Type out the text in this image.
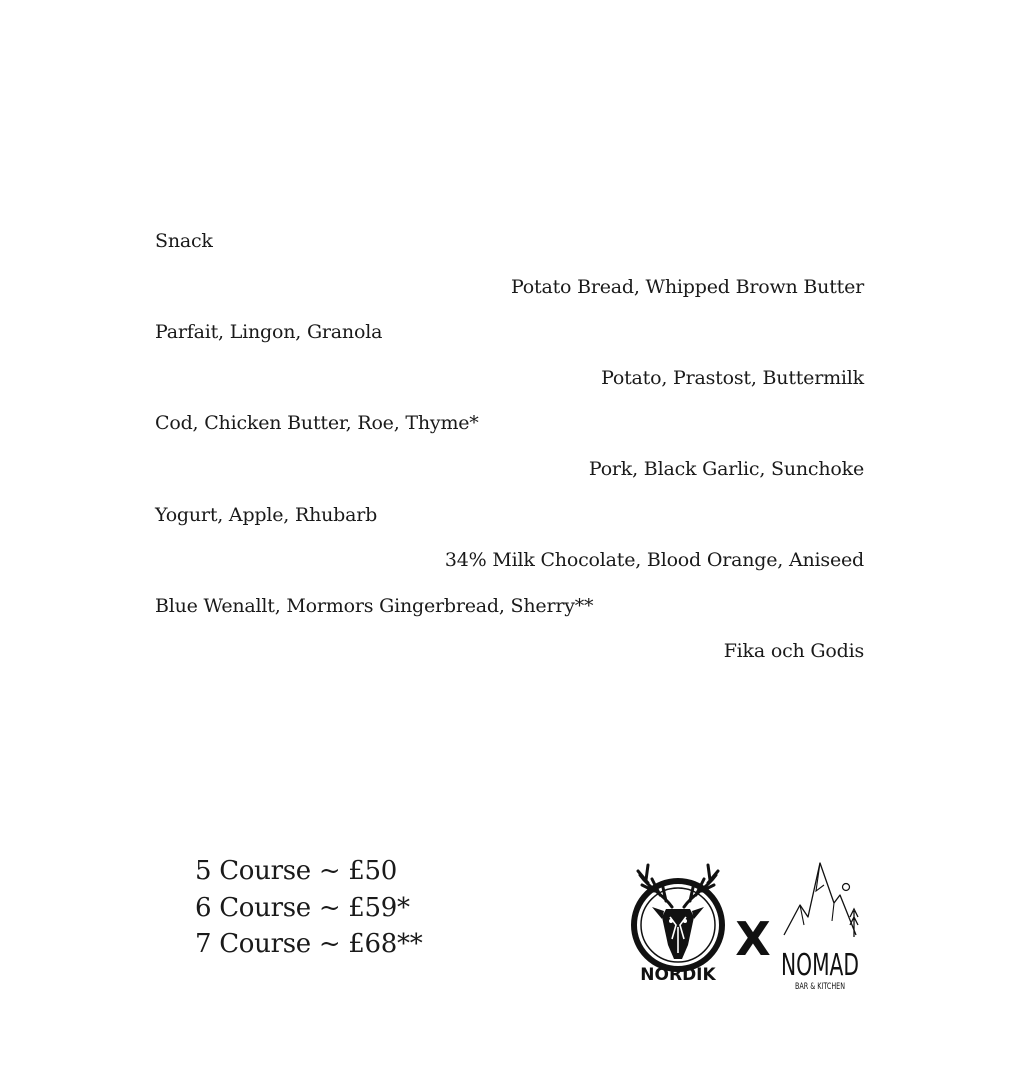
Snack
Potato Bread, Whipped Brown Butter
Parfait, Lingon, Granola
Potato, Prastost, Buttermilk
Cod, Chicken Butter, Roe, Thyme*
Pork, Black Garlic, Sunchoke
Yogurt, Apple, Rhubarb
34% Milk Chocolate, Blood Orange, Aniseed
Blue Wenallt, Mormors Gingerbread, Sherry**
Fika och Godis
5 Course ~ £50
6 Course ~ £59*
7 Course ~ £68**
NORDIK
X NOMAD
BAR & KITCHEN
